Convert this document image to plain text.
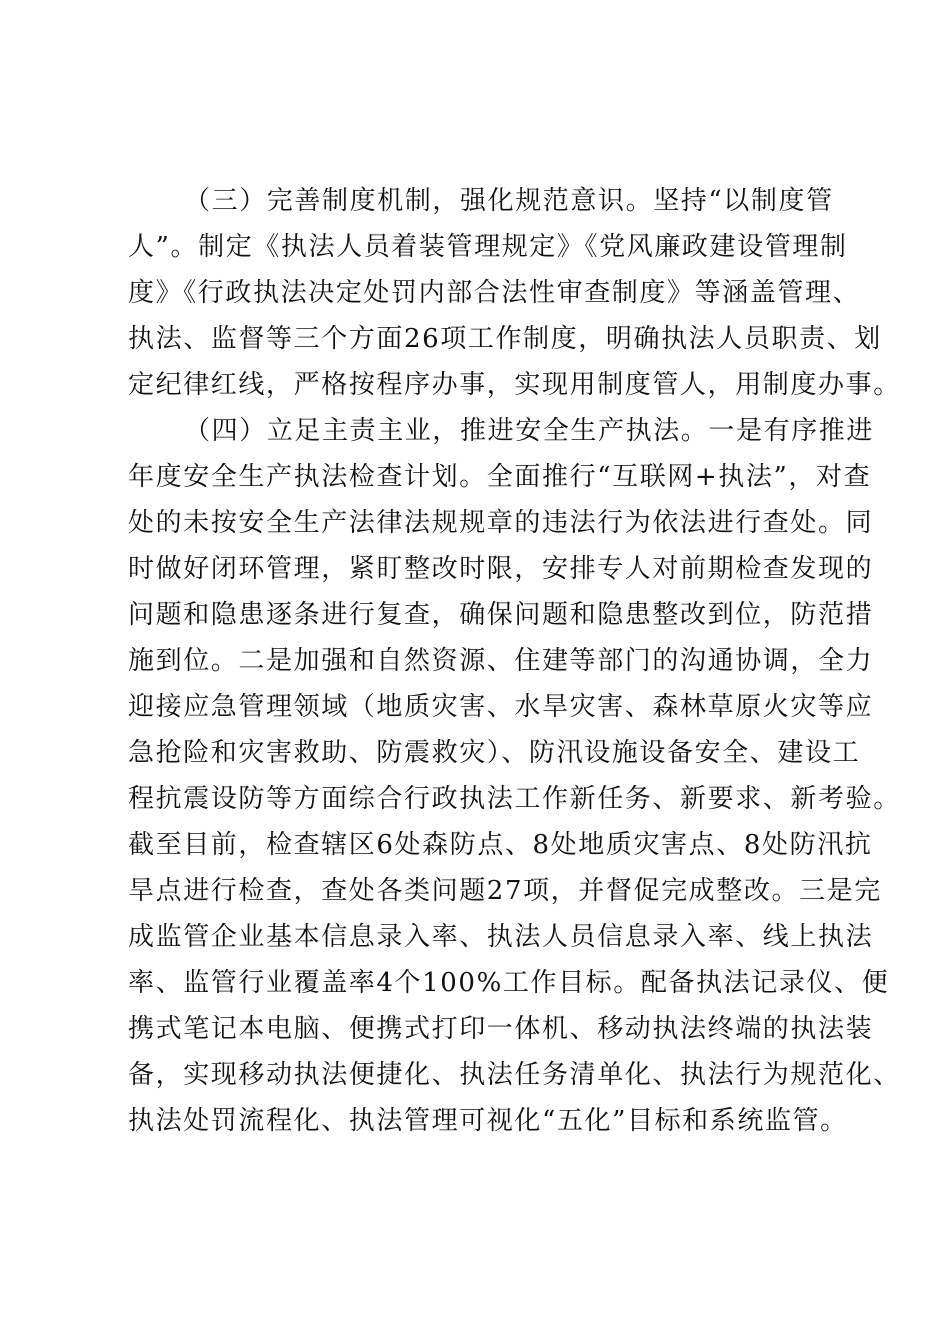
（三）完善制度机制，强化规范意识。坚持“以制度管
人”。制定《执法人员着装管理规定》《党风廉政建设管理制
度》《行政执法决定处罚内部合法性审查制度》等涵盖管理、
执法、监督等三个方面26项工作制度，明确执法人员职责、划
定纪律红线，严格按程序办事，实现用制度管人，用制度办事。
（四）立足主责主业，推进安全生产执法。一是有序推进
年度安全生产执法检查计划。全面推行“互联网+执法”，对查
处的未按安全生产法律法规规章的违法行为依法进行查处。同
时做好闭环管理，紧盯整改时限，安排专人对前期检查发现的
问题和隐患逐条进行复查，确保问题和隐患整改到位，防范措
施到位。二是加强和自然资源、住建等部门的沟通协调，全力
迎接应急管理领域（地质灾害、水旱灾害、森林草原火灾等应
急抢险和灾害救助、防震救灾）、防汛设施设备安全、建设工
程抗震设防等方面综合行政执法工作新任务、新要求、新考验。
截至目前，检查辖区6处森防点、8处地质灾害点、8处防汛抗
旱点进行检查，查处各类问题27项，并督促完成整改。三是完
成监管企业基本信息录入率、执法人员信息录入率、线上执法
率、监管行业覆盖率4个100%工作目标。配备执法记录仪、便
携式笔记本电脑、便携式打印一体机、移动执法终端的执法装
备，实现移动执法便捷化、执法任务清单化、执法行为规范化、
执法处罚流程化、执法管理可视化“五化”目标和系统监管。
